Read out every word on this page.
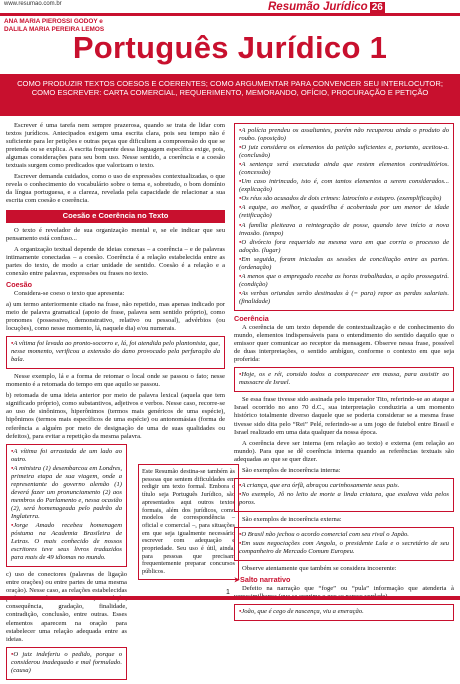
www.resumao.com.br	Resumão Jurídico 26
ANA MARIA PIEROSSI GODOY e
DALILA MARIA PEREIRA LEMOS
Português Jurídico 1
COMO PRODUZIR TEXTOS COESOS E COERENTES; COMO ARGUMENTAR PARA CONVENCER SEU INTERLOCUTOR;
COMO ESCREVER: CARTA COMERCIAL, REQUERIMENTO, MEMORANDO, OFÍCIO, PROCURAÇÃO E PETIÇÃO

Escrever é uma tarefa nem sempre prazerosa, quando se trata de lidar com textos jurídicos. Antecipados exigem uma escrita clara, pois seu tempo não é suficiente para ler petições e outras peças que dificultem a compreensão do que se pretenda ou se explica. A escrita frequente dessa linguagem específica exige, pois, algumas considerações para seu bom uso. Nesse sentido, a coerência e a coesão textuais surgem como predicados que valorizam o texto.

Escrever demanda cuidados, como o uso de expressões contextualizadas, o que revela o conhecimento do vocabulário sobre o tema e, sobretudo, o bom domínio da língua portuguesa, e a clareza, revelada pela capacidade de relacionar a sua escrita com coesão e coerência.

Coesão e Coerência no Texto

O texto é revelador de sua organização mental e, se ele indicar que seu pensamento está confuso...

A organização textual depende de ideias conexas – a coerência – e de palavras intimamente conectadas – a coesão. Coerência é a relação estabelecida entre as partes do texto, de modo a criar unidade de sentido. Coesão é a relação e a conexão entre palavras, expressões ou frases no texto.

Coesão

Considera-se coeso o texto que apresenta:

a) um termo anteriormente citado na frase, não repetido, mas apenas indicado por meio de palavra gramatical (apoio de frase, palavra sem sentido próprio), como pronomes (possessivo, demonstrativo, relativo ou pessoal), advérbios (ou locuções), como nesse momento, lá, naquele dia) e/ou numerais.

• A vítima foi levada ao pronto-socorro e, lá, foi atendida pelo plantonista, que, nesse momento, verificou a extensão do dano provocado pela perfuração da bala.

Nesse exemplo, lá e a forma de retomar o local onde se passou o fato; nesse momento é a retomada do tempo em que aquilo se passou.

b) retomada de uma ideia anterior por meio de palavra lexical (aquela que tem significado próprio), como substantivos, adjetivos e verbos. Nesse caso, recorre-se ao uso de sinônimos, hiperônimos (termos mais genéricos de uma espécie), hipônimos (termos mais específicos de uma espécie) ou antonomásias (forma de referência a alguém por meio de designação de uma de suas qualidades ou defeitos), para evitar a repetição da mesma palavra.

• A vítima foi arrastada de um lado ao outro.
• A ministra (1) desembarcou em Londres, primeira etapa de sua viagem, onde a representante do governo alemão (1) deverá fazer um pronunciamento (2) aos membros do Parlamento e, nessa ocasião (2), será homenageada pelo padrão da Inglaterra.
• Jorge Amado recebeu homenagem póstuma na Academia Brasileira de Letras. O mais conhecido de nossos escritores teve seus livros traduzidos para mais de 49 idiomas no mundo.

c) uso de conectores (palavras de ligação entre orações) ou entre partes de uma mesma oração). Nesse caso, as relações estabelecidas consequência, gradação, finalidade, contradição, conclusão, entre outras. Esses elementos aparecem na oração para estabelecer uma relação adequada entre as ideias.

• O juiz indeferiu o pedido, porque o considerou inadequado e mal formulado. (causa)
Este Resumão destina-se também às pessoas que sentem dificuldades em redigir um texto formal. Embora o título seja Português Jurídico, são apresentados aqui outros textos formais, além dos jurídicos, como modelos de correspondência – oficial e comercial –, para situações em que seja igualmente necessário escrever com adequação e propriedade. Seu uso é útil, ainda, para pessoas que precisam frequentemente preparar concursos públicos.
• A polícia prendeu os assaltantes, porém não recuperou ainda o produto do roubo. (oposição)
• O juiz considera os elementos da petição suficientes e, portanto, aceitou-a. (conclusão)
• A sentença será executada ainda que restem elementos contraditórios. (concessão)
• Um caso intrincado, isto é, com tantos elementos a serem considerados... (explicação)
• Os réus são acusados de dois crimes: latrocínio e estupro. (exemplificação)
• A equipe, ao melhor, a quadrilha é acobertada por um menor de idade (retificação)
• A família pleiteava a reintegração de posse, quando teve início a nova invasão. (tempo)
• O divórcio fora requerido na mesma vara em que corria o processo de adoção. (lugar)
• Em seguida, foram iniciadas as sessões de conciliação entre as partes. (ordenação)
• A menos que o empregado receba as horas trabalhadas, a ação prosseguirá. (condição)
• As verbas oriundas serão destinadas à (= para) repor as perdas salariais. (finalidade)
Coerência

A coerência de um texto depende de contextualização e de conhecimento do mundo, elementos indispensáveis para o entendimento do sentido daquilo que o emissor quer comunicar ao receptor da mensagem. Observe nessa frase, possível de duas interpretações, o sentido ambíguo, conforme o contexto em que seja proferida:

• Hoje, os e réi, consido todos a compareceer em massa, para assistir ao massacre de Israel.

Se essa frase tivesse sido assinada pelo imperador Tito, referindo-se ao ataque a Israel ocorrido no ano 70 d.C., sua interpretação conduziria a um momento histórico totalmente diverso daquele que se poderia considerar se a mesma frase tivesse sido dita pelo “Rei” Pelé, referindo-se a um jogo de futebol entre Brasil e Israel realizado em uma data qualquer da nossa época.

A coerência deve ser interna (em relação ao texto) e externa (em relação ao mundo). Para que se dê coerência interna quando as referências textuais são adequadas ao que se quer dizer.

São exemplos de incoerência interna:

• A criança, que era órfã, abraçou carinhosamente seus pais.
• No exemplo, Jô no leito de morte a linda criatura, que exalava vida pelos poros.

São exemplos de incoerência externa:

• O Brasil não jechou o acordo comercial com seu rival o Japão.
• Em suas negociações com Angola, o presidente Lula e o secretário de seu companheiro de Mercado Comum Europeu.

Observe atentamente que também se considera incoerente:

➤ Salto narrativo

Defeito na narração que “foge” ou “pula” informação que atenderia à

• João, que é cego de nascença, viu a eneração.
1
